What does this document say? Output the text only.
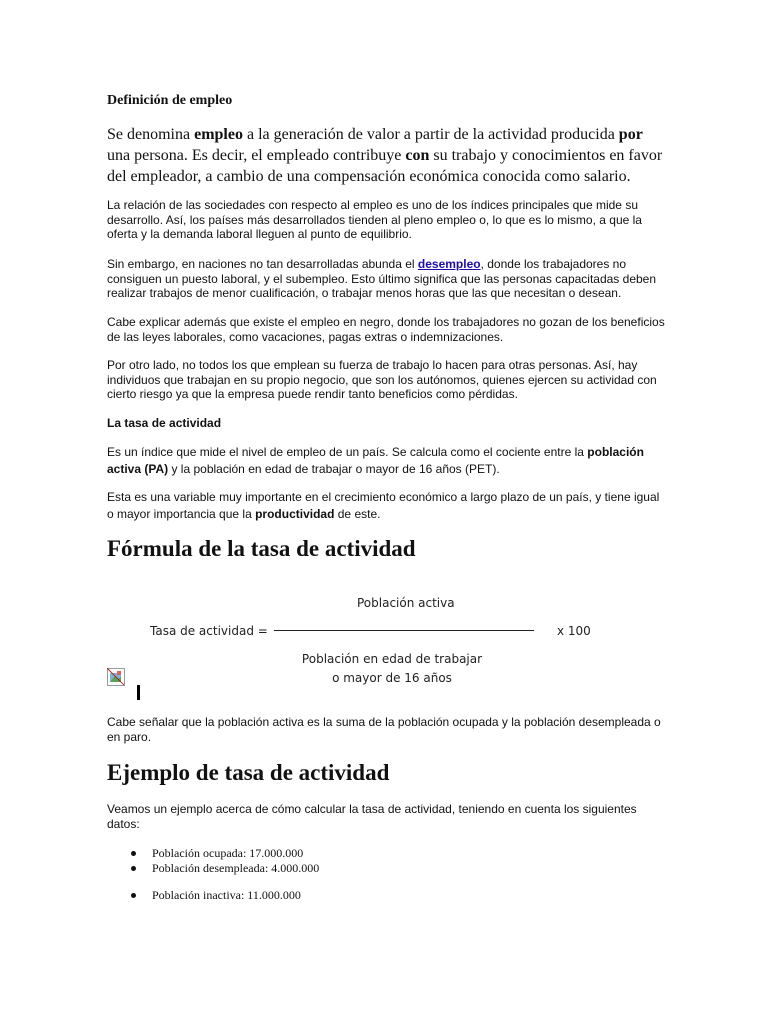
Definición de empleo

Se denomina empleo a la generación de valor a partir de la actividad producida por una persona. Es decir, el empleado contribuye con su trabajo y conocimientos en favor del empleador, a cambio de una compensación económica conocida como salario.

La relación de las sociedades con respecto al empleo es uno de los índices principales que mide su desarrollo. Así, los países más desarrollados tienden al pleno empleo o, lo que es lo mismo, a que la oferta y la demanda laboral lleguen al punto de equilibrio.

Sin embargo, en naciones no tan desarrolladas abunda el desempleo, donde los trabajadores no consiguen un puesto laboral, y el subempleo. Esto último significa que las personas capacitadas deben realizar trabajos de menor cualificación, o trabajar menos horas que las que necesitan o desean.

Cabe explicar además que existe el empleo en negro, donde los trabajadores no gozan de los beneficios de las leyes laborales, como vacaciones, pagas extras o indemnizaciones.

Por otro lado, no todos los que emplean su fuerza de trabajo lo hacen para otras personas. Así, hay individuos que trabajan en su propio negocio, que son los autónomos, quienes ejercen su actividad con cierto riesgo ya que la empresa puede rendir tanto beneficios como pérdidas.

La tasa de actividad

Es un índice que mide el nivel de empleo de un país. Se calcula como el cociente entre la población activa (PA) y la población en edad de trabajar o mayor de 16 años (PET).

Esta es una variable muy importante en el crecimiento económico a largo plazo de un país, y tiene igual o mayor importancia que la productividad de este.

Fórmula de la tasa de actividad
Población activa
Tasa de actividad =	x 100
Población en edad de trabajar
o mayor de 16 años

Cabe señalar que la población activa es la suma de la población ocupada y la población desempleada o en paro.

Ejemplo de tasa de actividad

Veamos un ejemplo acerca de cómo calcular la tasa de actividad, teniendo en cuenta los siguientes datos:

Población ocupada: 17.000.000
Población desempleada: 4.000.000
Población inactiva: 11.000.000
